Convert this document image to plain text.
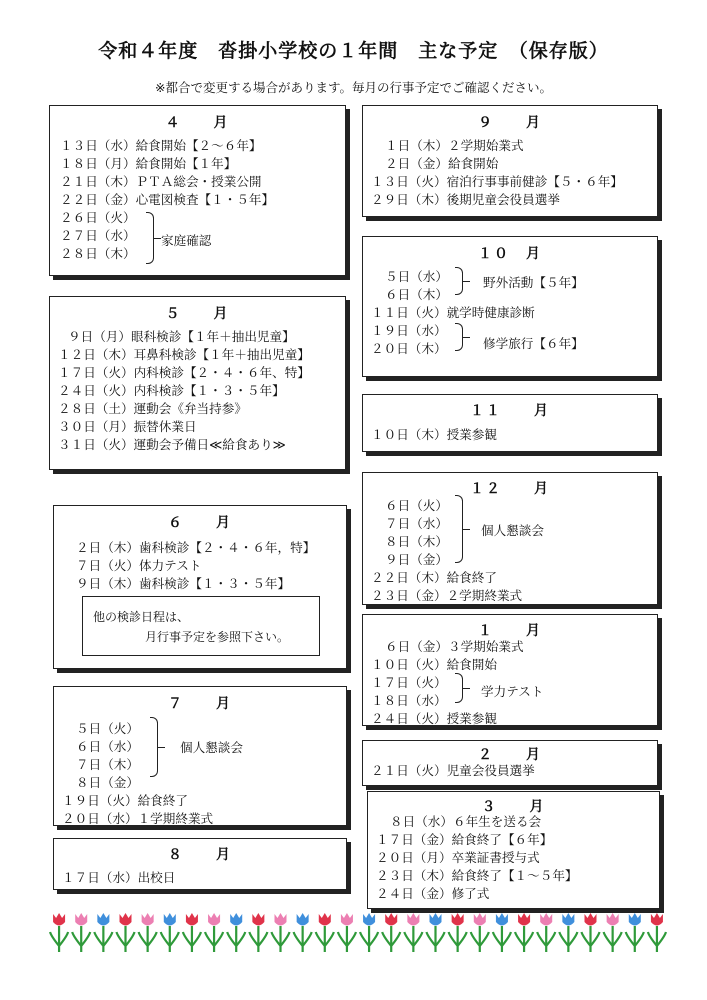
令和４年度　沓掛小学校の１年間　主な予定　（保存版）
※都合で変更する場合があります。毎月の行事予定でご確認ください。
４　　月
１３日（水）給食開始【２～６年】
１８日（月）給食開始【１年】
２１日（木）ＰＴＡ総会・授業公開
２２日（金）心電図検査【１・５年】
２６日（火）
２７日（水）
２８日（木）
家庭確認
５　　月
９日（月）眼科検診【１年＋抽出児童】
１２日（木）耳鼻科検診【１年＋抽出児童】
１７日（火）内科検診【２・４・６年、特】
２４日（火）内科検診【１・３・５年】
２８日（土）運動会《弁当持参》
３０日（月）振替休業日
３１日（火）運動会予備日≪給食あり≫
６　　月
２日（木）歯科検診【２・４・６年，特】
７日（火）体力テスト
９日（木）歯科検診【１・３・５年】
他の検診日程は、
月行事予定を参照下さい。
７　　月
５日（火）
６日（水）
７日（木）
８日（金）
１９日（火）給食終了
２０日（水）１学期終業式
個人懇談会
８　　月
１７日（水）出校日
９　　月
１日（木）２学期始業式
２日（金）給食開始
１３日（火）宿泊行事事前健診【５・６年】
２９日（木）後期児童会役員選挙
１０　月
５日（水）
６日（木）
１１日（火）就学時健康診断
１９日（水）
２０日（木）
野外活動【５年】
修学旅行【６年】
１１　　月
１０日（木）授業参観
１２　　月
６日（火）
７日（水）
８日（木）
９日（金）
２２日（木）給食終了
２３日（金）２学期終業式
個人懇談会
１　　月
６日（金）３学期始業式
１０日（火）給食開始
１７日（火）
１８日（水）
２４日（火）授業参観
学力テスト
２　　月
２１日（火）児童会役員選挙
３　　月
８日（水）６年生を送る会
１７日（金）給食終了【６年】
２０日（月）卒業証書授与式
２３日（木）給食終了【１～５年】
２４日（金）修了式
